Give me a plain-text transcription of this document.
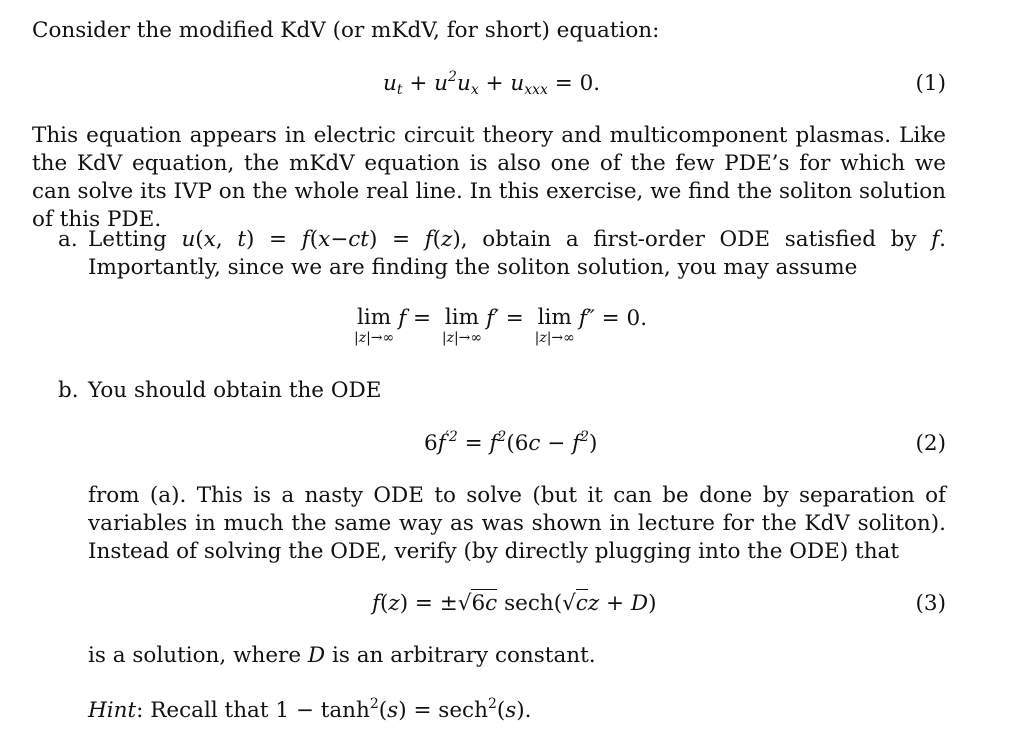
Consider the modified KdV (or mKdV, for short) equation:
$u_t + u^2u_x + u_{xxx} = 0$.	(1)
This equation appears in electric circuit theory and multicomponent plasmas. Like the KdV equation, the mKdV equation is also one of the few PDE’s for which we can solve its IVP on the whole real line. In this exercise, we find the soliton solution of this PDE.
a. Letting u(x, t) = f(x−ct) = f(z), obtain a first-order ODE satisfied by f. Importantly, since we are finding the soliton solution, you may assume
lim
|z|→∞
f = lim
|z|→∞
f′ = lim
|z|→∞
f″ = 0.
b. You should obtain the ODE
$6f^{'2} = f^2(6c - f^2)$	(2)
from (a). This is a nasty ODE to solve (but it can be done by separation of variables in much the same way as was shown in lecture for the KdV soliton). Instead of solving the ODE, verify (by directly plugging into the ODE) that
f(z) = ±√6c sech(√cz + D)	(3)
is a solution, where D is an arbitrary constant.
Hint: Recall that $1 - \tanh^2(s) = \sec h^2(s)$.
